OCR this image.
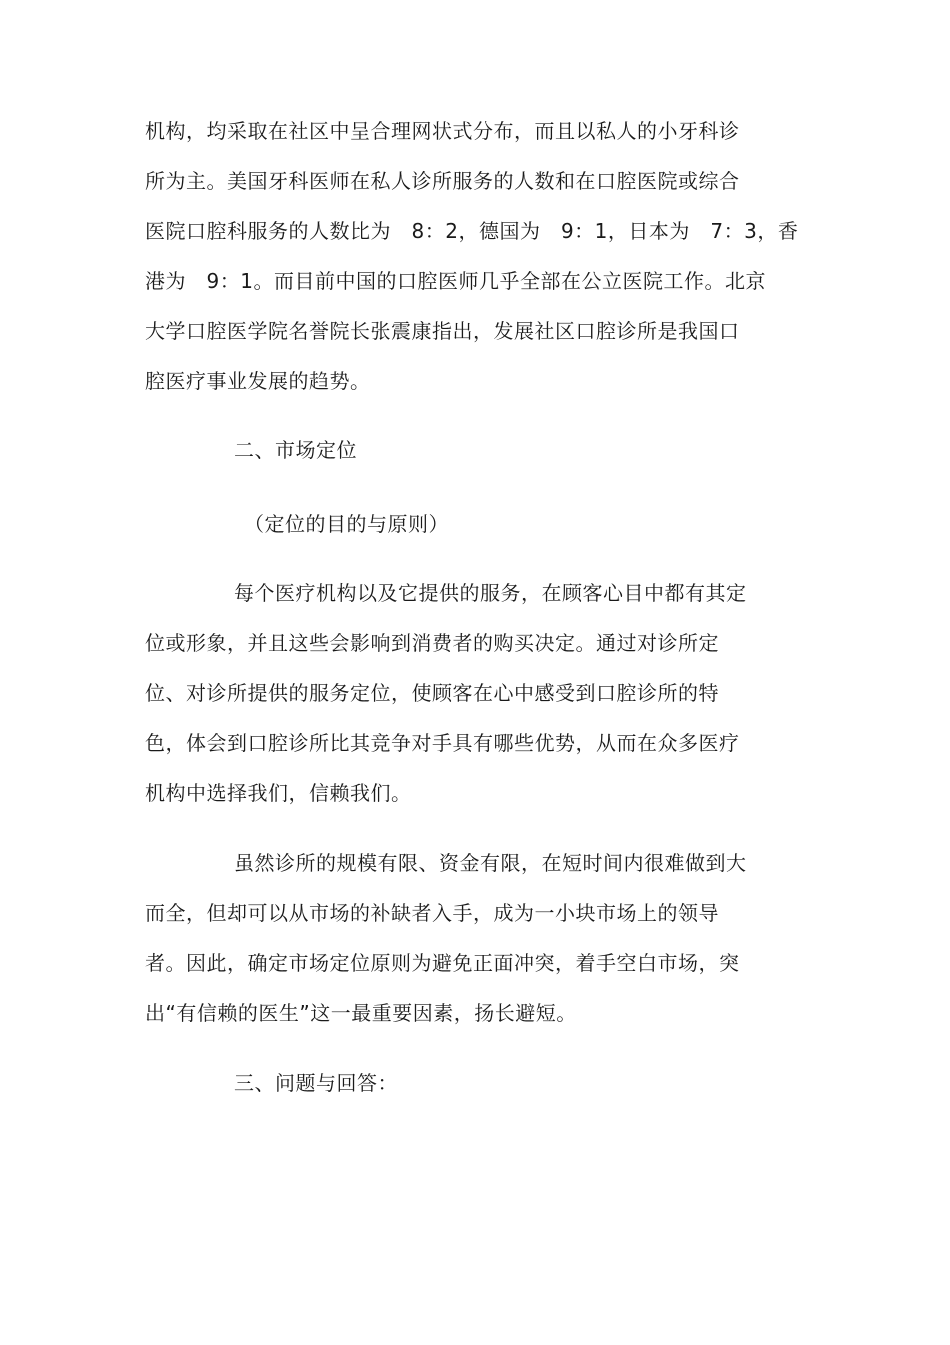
机构，均采取在社区中呈合理网状式分布，而且以私人的小牙科诊
所为主。美国牙科医师在私人诊所服务的人数和在口腔医院或综合
医院口腔科服务的人数比为　8：2，德国为　9：1，日本为　7：3，香
港为　9：1。而目前中国的口腔医师几乎全部在公立医院工作。北京
大学口腔医学院名誉院长张震康指出，发展社区口腔诊所是我国口
腔医疗事业发展的趋势。
二、市场定位
（定位的目的与原则）
每个医疗机构以及它提供的服务，在顾客心目中都有其定
位或形象，并且这些会影响到消费者的购买决定。通过对诊所定
位、对诊所提供的服务定位，使顾客在心中感受到口腔诊所的特
色，体会到口腔诊所比其竞争对手具有哪些优势，从而在众多医疗
机构中选择我们，信赖我们。
虽然诊所的规模有限、资金有限，在短时间内很难做到大
而全，但却可以从市场的补缺者入手，成为一小块市场上的领导
者。因此，确定市场定位原则为避免正面冲突，着手空白市场，突
出“有信赖的医生”这一最重要因素，扬长避短。
三、问题与回答：
